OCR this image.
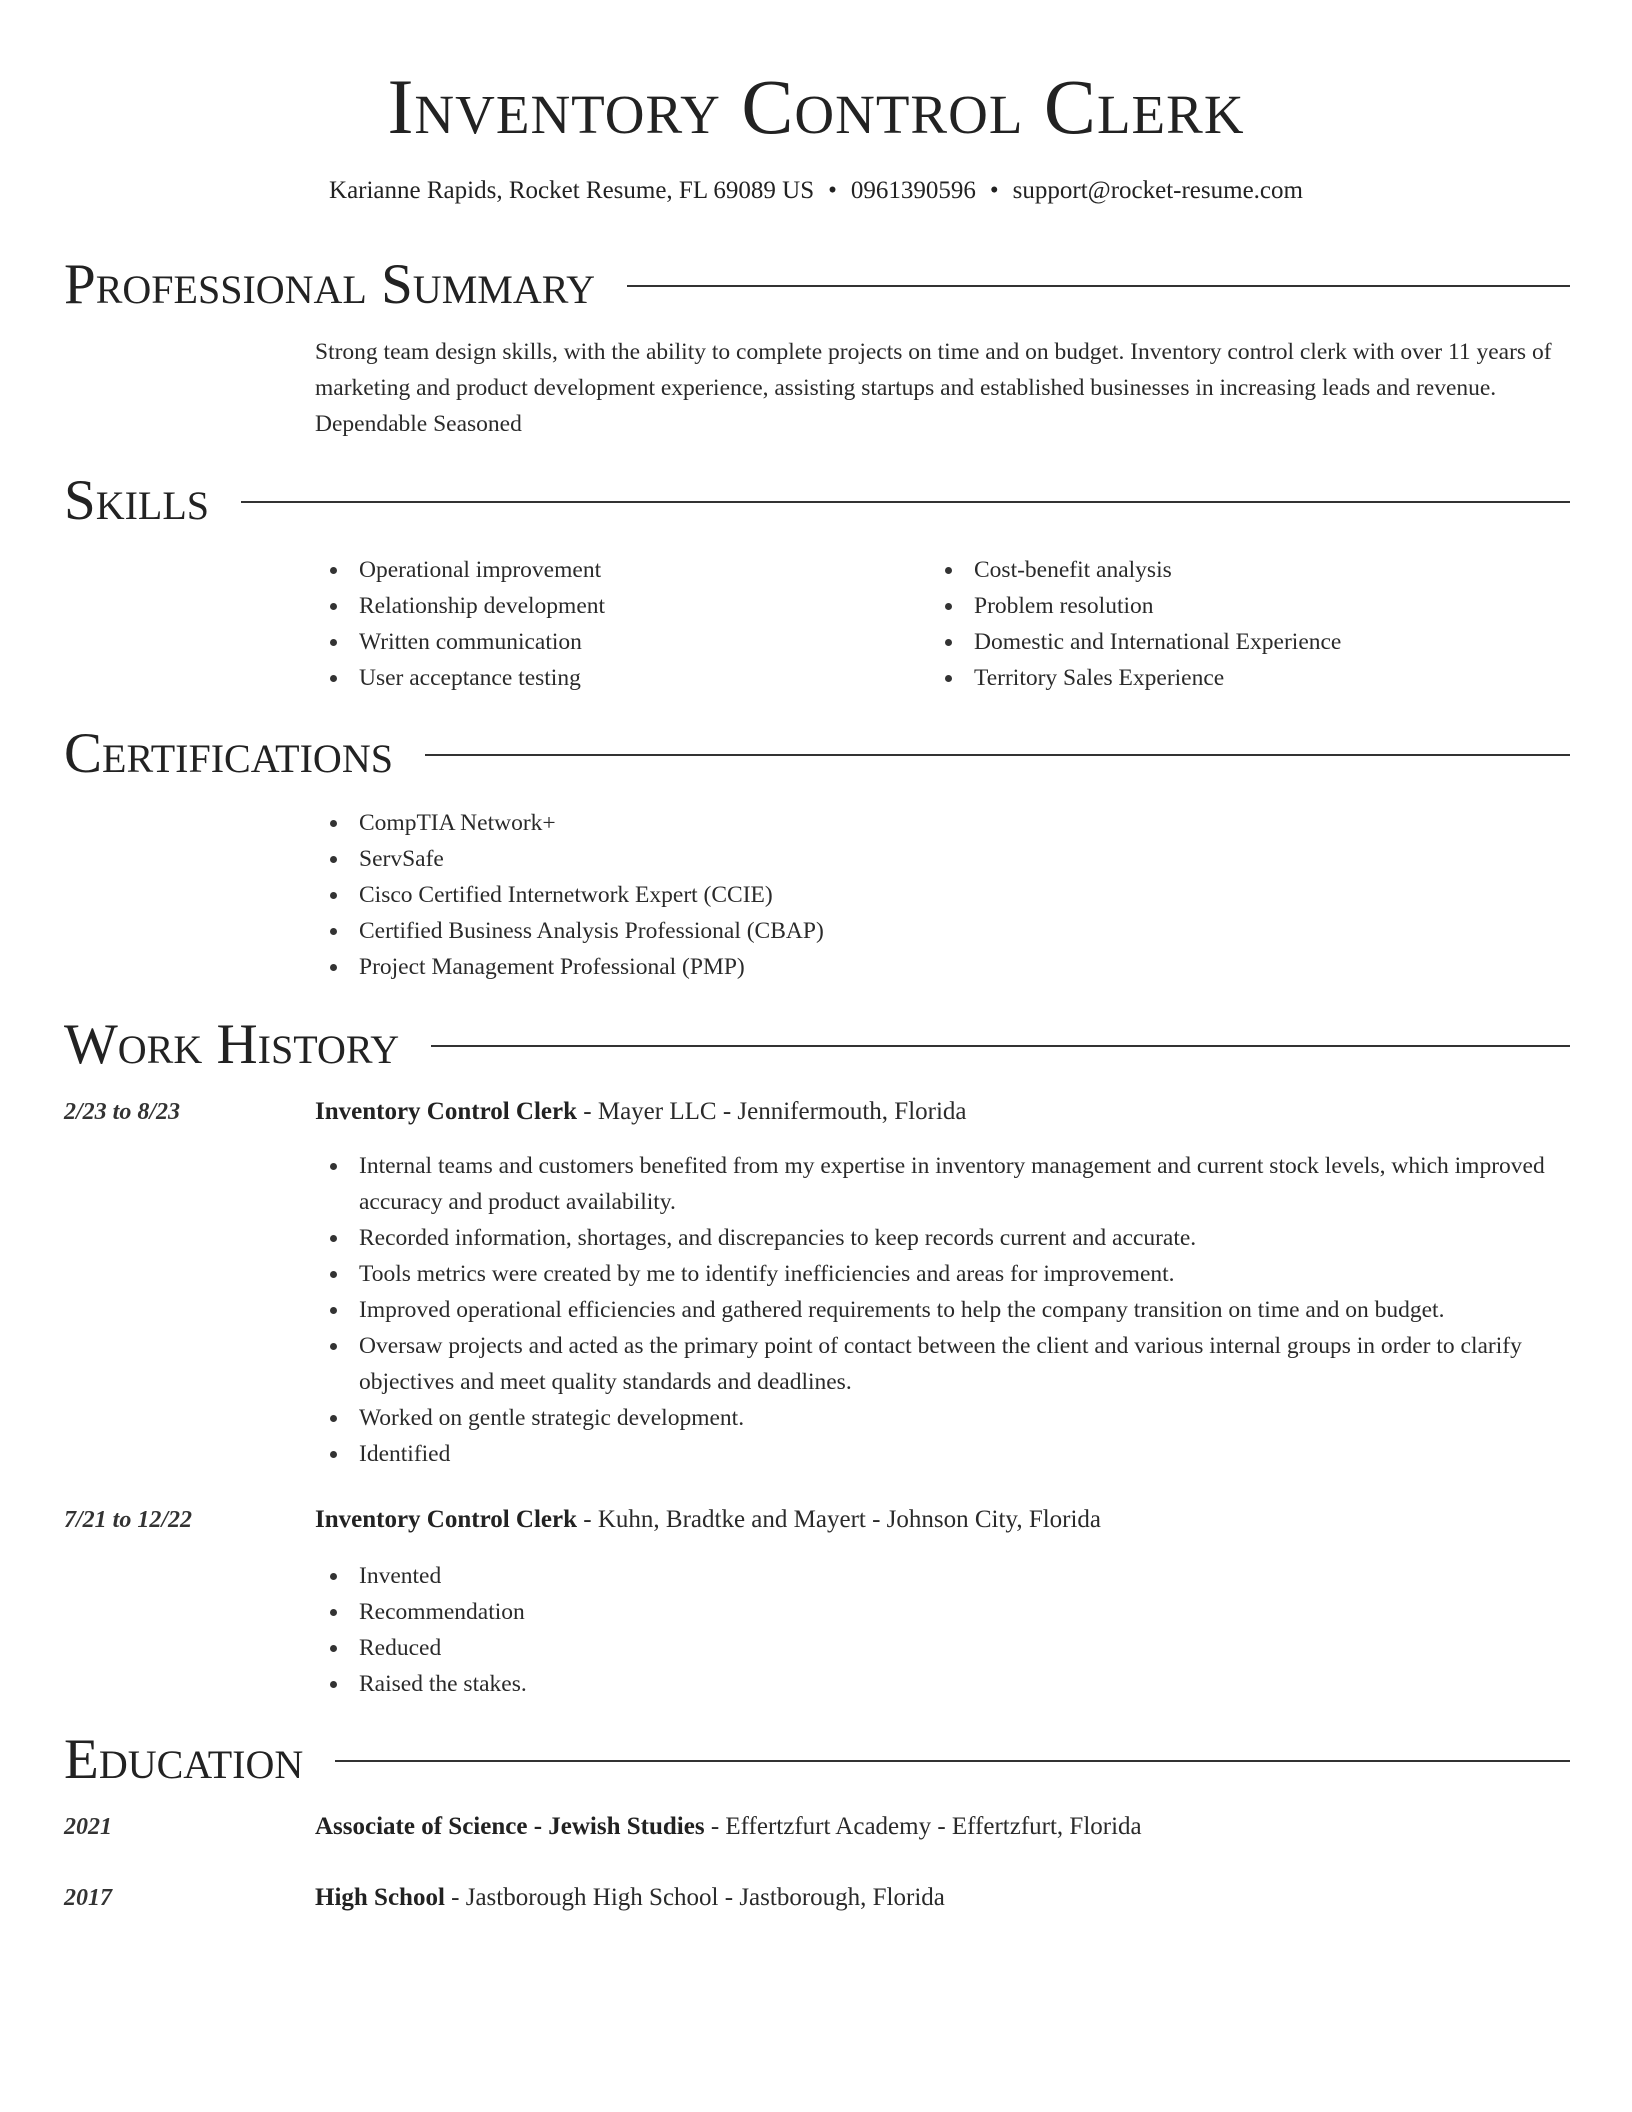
Inventory Control Clerk
Karianne Rapids, Rocket Resume, FL 69089 US • 0961390596 • support@rocket-resume.com
Professional Summary
Strong team design skills, with the ability to complete projects on time and on budget. Inventory control clerk with over 11 years of marketing and product development experience, assisting startups and established businesses in increasing leads and revenue. Dependable Seasoned
Skills
Operational improvement
Relationship development
Written communication
User acceptance testing
Cost-benefit analysis
Problem resolution
Domestic and International Experience
Territory Sales Experience
Certifications
CompTIA Network+
ServSafe
Cisco Certified Internetwork Expert (CCIE)
Certified Business Analysis Professional (CBAP)
Project Management Professional (PMP)
Work History
2/23 to 8/23	Inventory Control Clerk - Mayer LLC - Jennifermouth, Florida
Internal teams and customers benefited from my expertise in inventory management and current stock levels, which improved accuracy and product availability.
Recorded information, shortages, and discrepancies to keep records current and accurate.
Tools metrics were created by me to identify inefficiencies and areas for improvement.
Improved operational efficiencies and gathered requirements to help the company transition on time and on budget.
Oversaw projects and acted as the primary point of contact between the client and various internal groups in order to clarify objectives and meet quality standards and deadlines.
Worked on gentle strategic development.
Identified
7/21 to 12/22	Inventory Control Clerk - Kuhn, Bradtke and Mayert - Johnson City, Florida
Invented
Recommendation
Reduced
Raised the stakes.
Education
2021	Associate of Science - Jewish Studies - Effertzfurt Academy - Effertzfurt, Florida
2017	High School - Jastborough High School - Jastborough, Florida
